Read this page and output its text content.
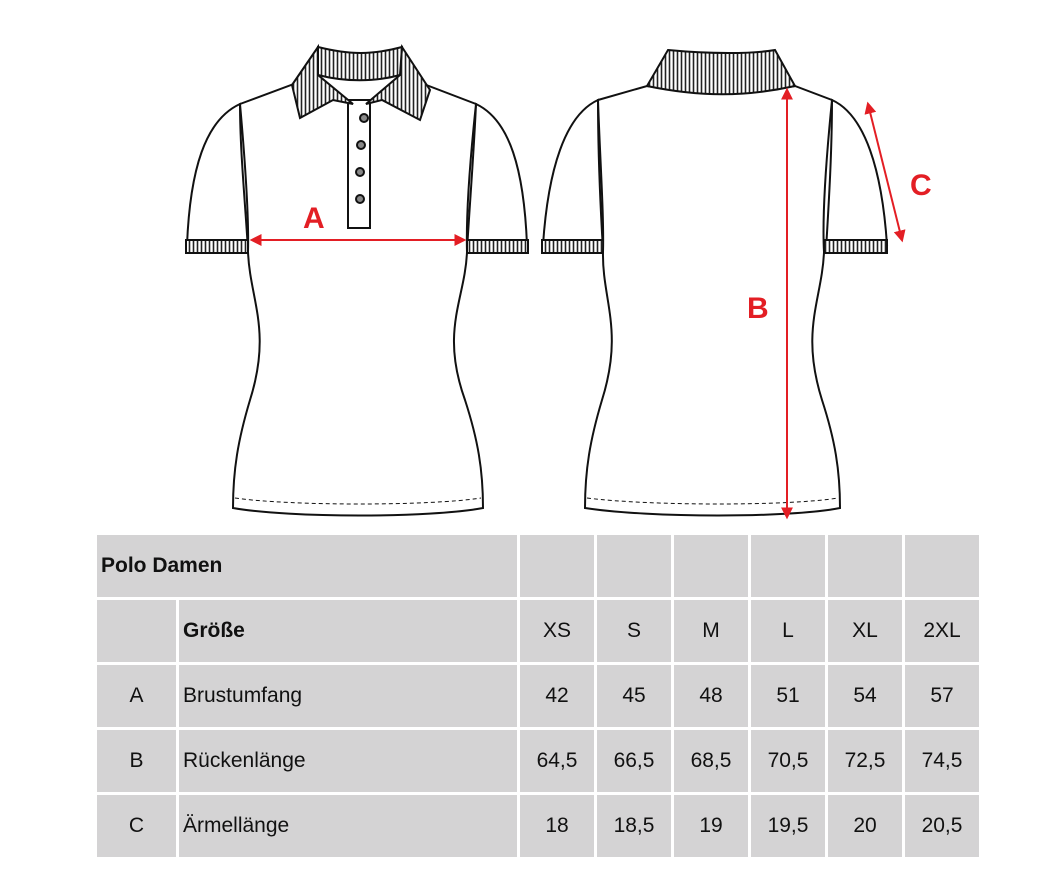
A
B
C
Polo Damen							
	Größe	XS	S	M	L	XL	2XL
A	Brustumfang	42	45	48	51	54	57
B	Rückenlänge	64,5	66,5	68,5	70,5	72,5	74,5
C	Ärmellänge	18	18,5	19	19,5	20	20,5
